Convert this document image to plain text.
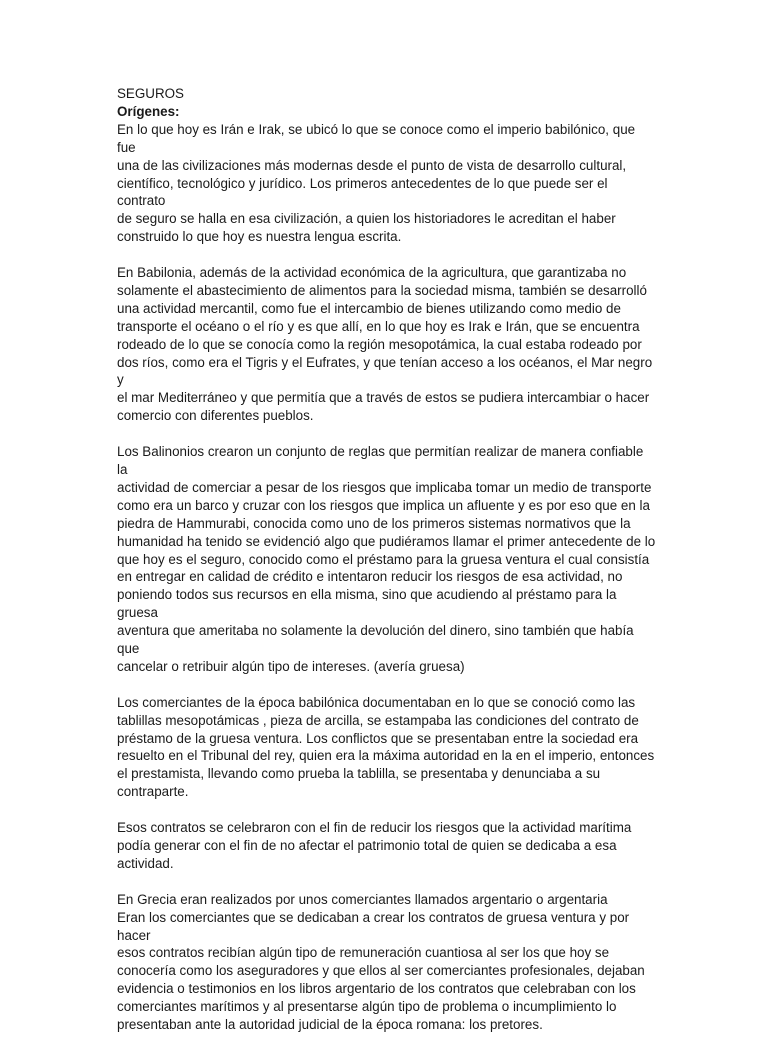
SEGUROS
Orígenes:

En lo que hoy es Irán e Irak, se ubicó lo que se conoce como el imperio babilónico, que fue
una de las civilizaciones más modernas desde el punto de vista de desarrollo cultural,
científico, tecnológico y jurídico. Los primeros antecedentes de lo que puede ser el contrato
de seguro se halla en esa civilización, a quien los historiadores le acreditan el haber
construido lo que hoy es nuestra lengua escrita.

En Babilonia, además de la actividad económica de la agricultura, que garantizaba no
solamente el abastecimiento de alimentos para la sociedad misma, también se desarrolló
una actividad mercantil, como fue el intercambio de bienes utilizando como medio de
transporte el océano o el río y es que allí, en lo que hoy es Irak e Irán, que se encuentra
rodeado de lo que se conocía como la región mesopotámica, la cual estaba rodeado por
dos ríos, como era el Tigris y el Eufrates, y que tenían acceso a los océanos, el Mar negro y
el mar Mediterráneo y que permitía que a través de estos se pudiera intercambiar o hacer
comercio con diferentes pueblos.

Los Balinonios crearon un conjunto de reglas que permitían realizar de manera confiable la
actividad de comerciar a pesar de los riesgos que implicaba tomar un medio de transporte
como era un barco y cruzar con los riesgos que implica un afluente y es por eso que en la
piedra de Hammurabi, conocida como uno de los primeros sistemas normativos que la
humanidad ha tenido se evidenció algo que pudiéramos llamar el primer antecedente de lo
que hoy es el seguro, conocido como el préstamo para la gruesa ventura el cual consistía
en entregar en calidad de crédito e intentaron reducir los riesgos de esa actividad, no
poniendo todos sus recursos en ella misma, sino que acudiendo al préstamo para la gruesa
aventura que ameritaba no solamente la devolución del dinero, sino también que había que
cancelar o retribuir algún tipo de intereses. (avería gruesa)

Los comerciantes de la época babilónica documentaban en lo que se conoció como las
tablillas mesopotámicas , pieza de arcilla, se estampaba las condiciones del contrato de
préstamo de la gruesa ventura. Los conflictos que se presentaban entre la sociedad era
resuelto en el Tribunal del rey, quien era la máxima autoridad en la en el imperio, entonces
el prestamista, llevando como prueba la tablilla, se presentaba y denunciaba a su
contraparte.

Esos contratos se celebraron con el fin de reducir los riesgos que la actividad marítima
podía generar con el fin de no afectar el patrimonio total de quien se dedicaba a esa
actividad.

En Grecia eran realizados por unos comerciantes llamados argentario o argentaria
Eran los comerciantes que se dedicaban a crear los contratos de gruesa ventura y por hacer
esos contratos recibían algún tipo de remuneración cuantiosa al ser los que hoy se
conocería como los aseguradores y que ellos al ser comerciantes profesionales, dejaban
evidencia o testimonios en los libros argentario de los contratos que celebraban con los
comerciantes marítimos y al presentarse algún tipo de problema o incumplimiento lo
presentaban ante la autoridad judicial de la época romana: los pretores.
